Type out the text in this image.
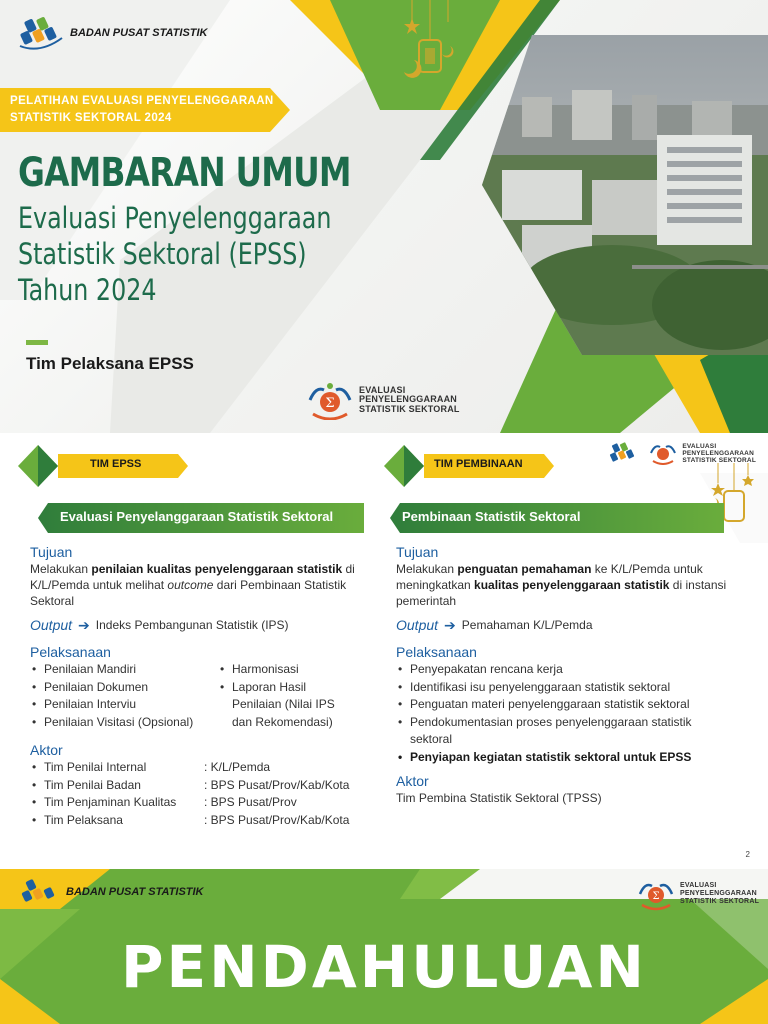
BADAN PUSAT STATISTIK
PELATIHAN EVALUASI PENYELENGGARAAN
STATISTIK SEKTORAL 2024
GAMBARAN UMUM
Evaluasi Penyelenggaraan
Statistik Sektoral (EPSS)
Tahun 2024
Tim Pelaksana EPSS
Σ
EVALUASI
PENYELENGGARAAN
STATISTIK SEKTORAL
EVALUASI
PENYELENGGARAAN
STATISTIK SEKTORAL
TIM EPSS
Evaluasi Penyelanggaraan Statistik Sektoral
TIM PEMBINAAN
Pembinaan Statistik Sektoral
Tujuan

Melakukan penilaian kualitas penyelenggaraan statistik di K/L/Pemda untuk melihat outcome dari Pembinaan Statistik Sektoral

Output ➔ Indeks Pembangunan Statistik (IPS)
Pelaksanaan
• Penilaian Mandiri
• Penilaian Dokumen
• Penilaian Interviu
• Penilaian Visitasi (Opsional)
• Harmonisasi
• Laporan Hasil
Penilaian (Nilai IPS
dan Rekomendasi)
Aktor
• Tim Penilai Internal	: K/L/Pemda
• Tim Penilai Badan	: BPS Pusat/Prov/Kab/Kota
• Tim Penjaminan Kualitas	: BPS Pusat/Prov
• Tim Pelaksana	: BPS Pusat/Prov/Kab/Kota
Tujuan

Melakukan penguatan pemahaman ke K/L/Pemda untuk meningkatkan kualitas penyelenggaraan statistik di instansi pemerintah

Output ➔ Pemahaman K/L/Pemda
Pelaksanaan
• Penyepakatan rencana kerja
• Identifikasi isu penyelenggaraan statistik sektoral
• Penguatan materi penyelenggaraan statistik sektoral
• Pendokumentasian proses penyelenggaraan statistik sektoral
• Penyiapan kegiatan statistik sektoral untuk EPSS
Aktor

Tim Pembina Statistik Sektoral (TPSS)

2
BADAN PUSAT STATISTIK	Σ
EVALUASI
PENYELENGGARAAN
STATISTIK SEKTORAL
PENDAHULUAN
